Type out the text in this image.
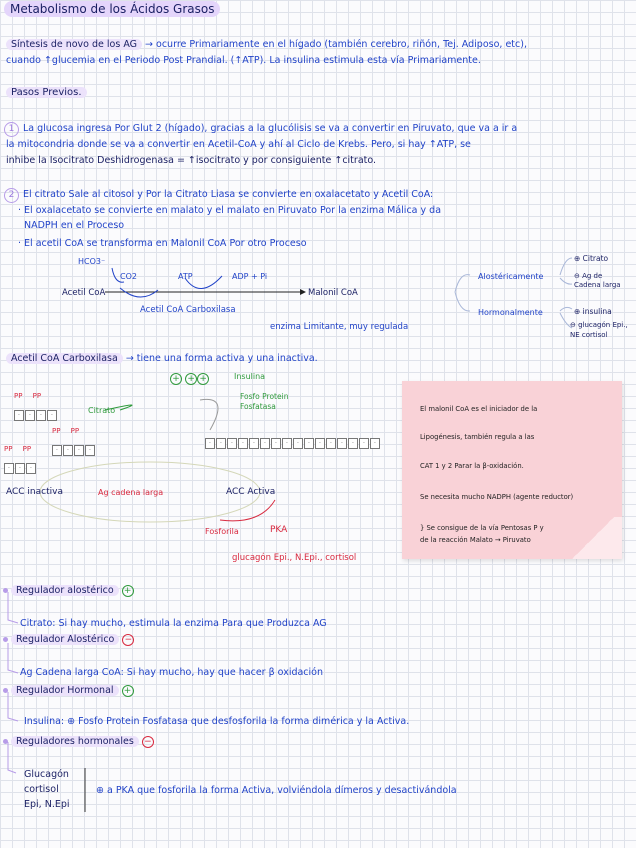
Metabolismo de los Ácidos Grasos
Síntesis de novo de los AG → ocurre Primariamente en el hígado (también cerebro, riñón, Tej. Adiposo, etc),
cuando ↑glucemia en el Periodo Post Prandial. (↑ATP). La insulina estimula esta vía Primariamente.
Pasos Previos.
1 La glucosa ingresa Por Glut 2 (hígado), gracias a la glucólisis se va a convertir en Piruvato, que va a ir a
la mitocondria donde se va a convertir en Acetil-CoA y ahí al Ciclo de Krebs. Pero, si hay ↑ATP, se
inhibe la Isocitrato Deshidrogenasa = ↑isocitrato y por consiguiente ↑citrato.
2 El citrato Sale al citosol y Por la Citrato Liasa se convierte en oxalacetato y Acetil CoA:
· El oxalacetato se convierte en malato y el malato en Piruvato Por la enzima Málica y da
NADPH en el Proceso
· El acetil CoA se transforma en Malonil CoA Por otro Proceso
HCO3⁻
CO2	ATP	ADP + Pi
Acetil CoA	Malonil CoA
Acetil CoA Carboxilasa
enzima Limitante, muy regulada
Alostéricamente
Hormonalmente
⊕ Citrato
⊖ Ag de Cadena larga
⊕ insulina
⊖ glucagón Epi., NE cortisol
Acetil CoA Carboxilasa → tiene una forma activa y una inactiva.
PP PP
· · · ·
PP PP
· · · ·
PP PP
· · ·
· · · · · · · · · · · · · · · ·
Citrato
Insulina
Fosfo Protein Fosfatasa
+ + +
ACC inactiva	ACC Activa
Ag cadena larga
Fosforila	PKA
glucagón Epi., N.Epi., cortisol
El malonil CoA es el iniciador de la
Lipogénesis, también regula a las
CAT 1 y 2 Parar la β-oxidación.
Se necesita mucho NADPH (agente reductor)
} Se consigue de la vía Pentosas P y
de la reacción Malato → Piruvato
Regulador alostérico +
Citrato: Si hay mucho, estimula la enzima Para que Produzca AG
Regulador Alostérico −
Ag Cadena larga CoA: Si hay mucho, hay que hacer β oxidación
Regulador Hormonal +
Insulina: ⊕ Fosfo Protein Fosfatasa que desfosforila la forma dimérica y la Activa.
Reguladores hormonales −
Glucagón
cortisol
Epi, N.Epi
⊕ a PKA que fosforila la forma Activa, volviéndola dímeros y desactivándola
